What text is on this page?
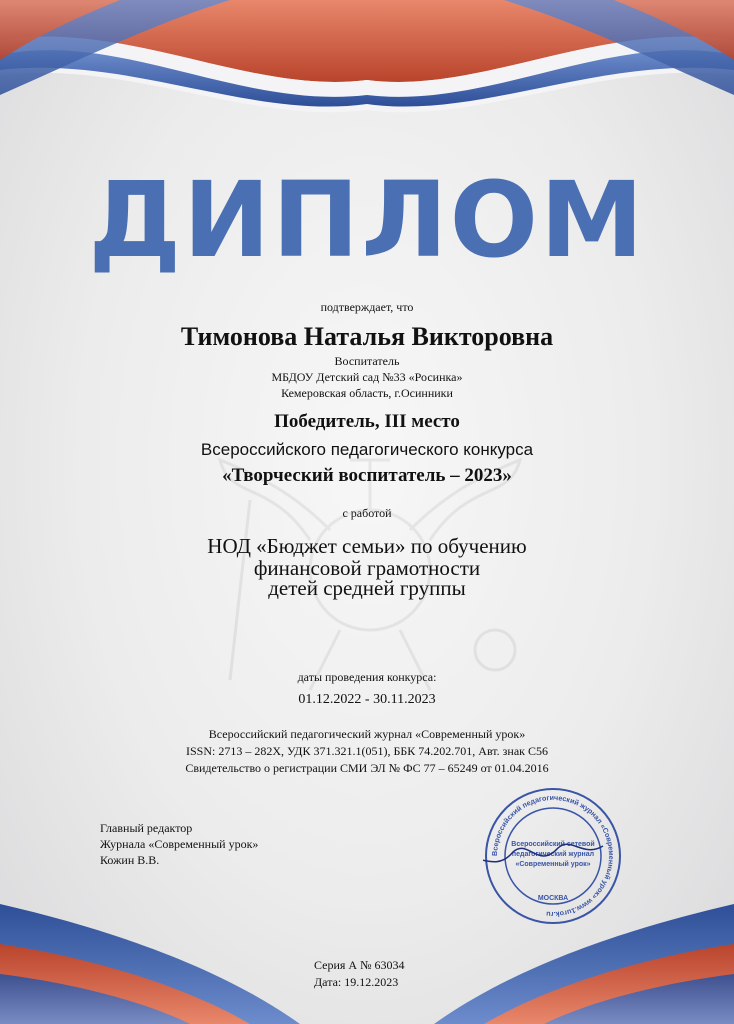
ДИПЛОМ
подтверждает, что
Тимонова Наталья Викторовна
Воспитатель
МБДОУ Детский сад №33 «Росинка»
Кемеровская область, г.Осинники
Победитель, III место
Всероссийского педагогического конкурса
«Творческий воспитатель – 2023»
с работой
НОД «Бюджет семьи» по обучению
финансовой грамотности
детей средней группы
даты проведения конкурса:
01.12.2022 - 30.11.2023
Всероссийский педагогический журнал «Современный урок»
ISSN: 2713 – 282X, УДК 371.321.1(051), ББК 74.202.701, Авт. знак С56
Свидетельство о регистрации СМИ ЭЛ № ФС 77 – 65249 от 01.04.2016
Главный редактор
Журнала «Современный урок»
Кожин В.В.	Всероссийский педагогический журнал «Современный урок» www.1urok.ru
Всероссийский сетевой
педагогический журнал
«Современный урок»
МОСКВА
Серия А № 63034
Дата: 19.12.2023
